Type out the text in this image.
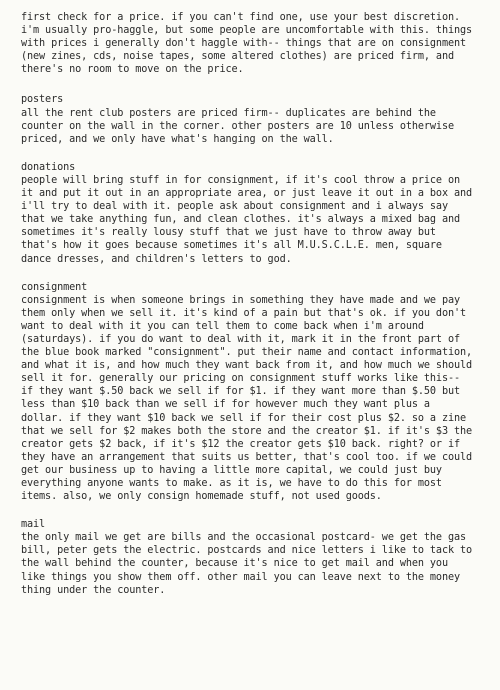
first check for a price. if you can't find one, use your best discretion.
i'm usually pro-haggle, but some people are uncomfortable with this. things
with prices i generally don't haggle with-- things that are on consignment
(new zines, cds, noise tapes, some altered clothes) are priced firm, and
there's no room to move on the price.

posters

all the rent club posters are priced firm-- duplicates are behind the
counter on the wall in the corner. other posters are 10 unless otherwise
priced, and we only have what's hanging on the wall.

donations

people will bring stuff in for consignment, if it's cool throw a price on
it and put it out in an appropriate area, or just leave it out in a box and
i'll try to deal with it. people ask about consignment and i always say
that we take anything fun, and clean clothes. it's always a mixed bag and
sometimes it's really lousy stuff that we just have to throw away but
that's how it goes because sometimes it's all M.U.S.C.L.E. men, square
dance dresses, and children's letters to god.

consignment

consignment is when someone brings in something they have made and we pay
them only when we sell it. it's kind of a pain but that's ok. if you don't
want to deal with it you can tell them to come back when i'm around
(saturdays). if you do want to deal with it, mark it in the front part of
the blue book marked "consignment". put their name and contact information,
and what it is, and how much they want back from it, and how much we should
sell it for. generally our pricing on consignment stuff works like this--
if they want $.50 back we sell if for $1. if they want more than $.50 but
less than $10 back than we sell if for however much they want plus a
dollar. if they want $10 back we sell if for their cost plus $2. so a zine
that we sell for $2 makes both the store and the creator $1. if it's $3 the
creator gets $2 back, if it's $12 the creator gets $10 back. right? or if
they have an arrangement that suits us better, that's cool too. if we could
get our business up to having a little more capital, we could just buy
everything anyone wants to make. as it is, we have to do this for most
items. also, we only consign homemade stuff, not used goods.

mail

the only mail we get are bills and the occasional postcard- we get the gas
bill, peter gets the electric. postcards and nice letters i like to tack to
the wall behind the counter, because it's nice to get mail and when you
like things you show them off. other mail you can leave next to the money
thing under the counter.
